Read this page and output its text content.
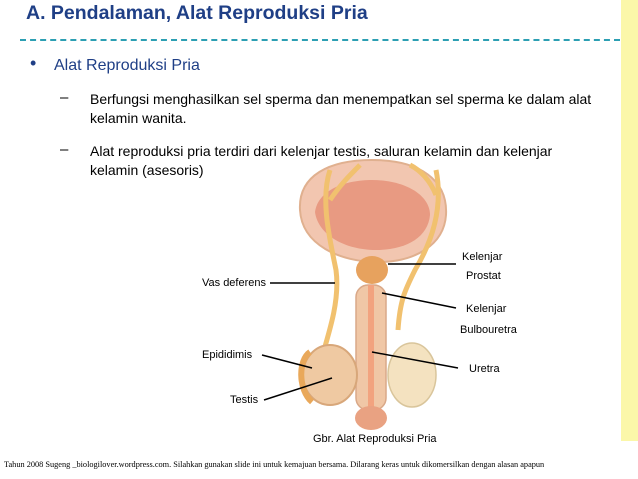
A. Pendalaman, Alat Reproduksi Pria
• Alat Reproduksi Pria
– Berfungsi menghasilkan sel sperma dan menempatkan sel sperma ke dalam alat kelamin wanita.
– Alat reproduksi pria terdiri dari kelenjar testis, saluran kelamin dan kelenjar kelamin (asesoris)
Kelenjar
Prostat
Vas deferens
Kelenjar
Bulbouretra
Epididimis
Uretra
Testis
Gbr. Alat Reproduksi Pria
Tahun 2008 Sugeng _biologilover.wordpress.com. Silahkan gunakan slide ini untuk kemajuan bersama. Dilarang keras untuk dikomersilkan dengan alasan apapun
